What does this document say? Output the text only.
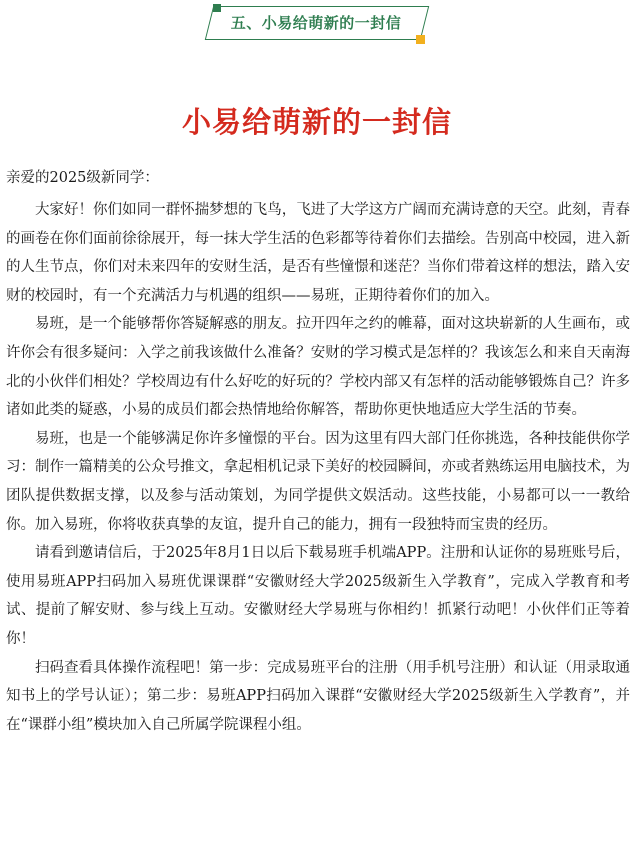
五、小易给萌新的一封信
小易给萌新的一封信
亲爱的2025级新同学：

大家好！你们如同一群怀揣梦想的飞鸟，飞进了大学这方广阔而充满诗意的天空。此刻，青春的画卷在你们面前徐徐展开，每一抹大学生活的色彩都等待着你们去描绘。告别高中校园，进入新的人生节点，你们对未来四年的安财生活，是否有些憧憬和迷茫？当你们带着这样的想法，踏入安财的校园时，有一个充满活力与机遇的组织——易班，正期待着你们的加入。

易班，是一个能够帮你答疑解惑的朋友。拉开四年之约的帷幕，面对这块崭新的人生画布，或许你会有很多疑问：入学之前我该做什么准备？安财的学习模式是怎样的？我该怎么和来自天南海北的小伙伴们相处？学校周边有什么好吃的好玩的？学校内部又有怎样的活动能够锻炼自己？许多诸如此类的疑惑，小易的成员们都会热情地给你解答，帮助你更快地适应大学生活的节奏。

易班，也是一个能够满足你许多憧憬的平台。因为这里有四大部门任你挑选，各种技能供你学习：制作一篇精美的公众号推文，拿起相机记录下美好的校园瞬间，亦或者熟练运用电脑技术，为团队提供数据支撑，以及参与活动策划，为同学提供文娱活动。这些技能，小易都可以一一教给你。加入易班，你将收获真挚的友谊，提升自己的能力，拥有一段独特而宝贵的经历。

请看到邀请信后，于2025年8月1日以后下载易班手机端APP。注册和认证你的易班账号后，使用易班APP扫码加入易班优课课群“安徽财经大学2025级新生入学教育”，完成入学教育和考试、提前了解安财、参与线上互动。安徽财经大学易班与你相约！抓紧行动吧！小伙伴们正等着你！

扫码查看具体操作流程吧！第一步：完成易班平台的注册（用手机号注册）和认证（用录取通知书上的学号认证）；第二步：易班APP扫码加入课群“安徽财经大学2025级新生入学教育”，并在“课群小组”模块加入自己所属学院课程小组。
